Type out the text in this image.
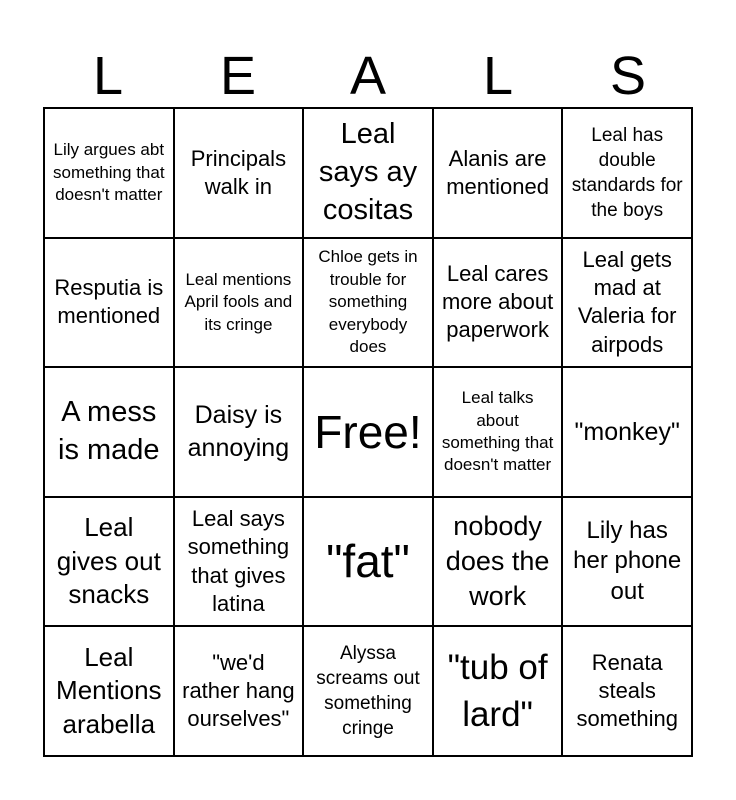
L	E	A	L	S
Lily argues abt something that doesn't matter
Principals walk in
Leal says ay cositas
Alanis are mentioned
Leal has double standards for the boys
Resputia is mentioned
Leal mentions April fools and its cringe
Chloe gets in trouble for something everybody does
Leal cares more about paperwork
Leal gets mad at Valeria for airpods
A mess is made
Daisy is annoying Free!
Leal talks about something that doesn't matter
"monkey"
Leal gives out snacks
Leal says something that gives latina
"fat"
nobody does the work
Lily has her phone out
Leal Mentions arabella
"we'd rather hang ourselves"
Alyssa screams out something cringe
"tub of lard"
Renata steals something
